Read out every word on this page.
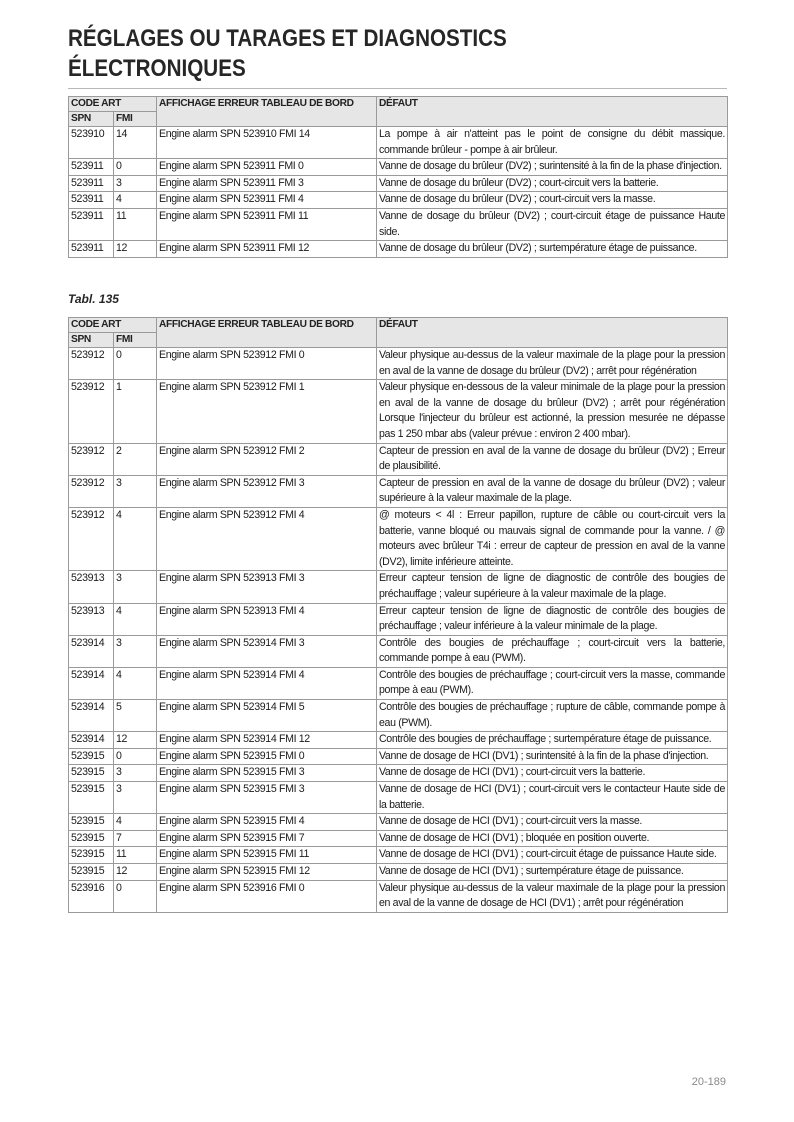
RÉGLAGES OU TARAGES ET DIAGNOSTICS ÉLECTRONIQUES
CODE ART		AFFICHAGE ERREUR TABLEAU DE BORD	DÉFAUT
SPN	FMI		
523910	14	Engine alarm SPN 523910 FMI 14	La pompe à air n'atteint pas le point de consigne du débit massique. commande brûleur - pompe à air brûleur.
523911	0	Engine alarm SPN 523911 FMI 0	Vanne de dosage du brûleur (DV2) ; surintensité à la fin de la phase d'injection.
523911	3	Engine alarm SPN 523911 FMI 3	Vanne de dosage du brûleur (DV2) ; court-circuit vers la batterie.
523911	4	Engine alarm SPN 523911 FMI 4	Vanne de dosage du brûleur (DV2) ; court-circuit vers la masse.
523911	11	Engine alarm SPN 523911 FMI 11	Vanne de dosage du brûleur (DV2) ; court-circuit étage de puissance Haute side.
523911	12	Engine alarm SPN 523911 FMI 12	Vanne de dosage du brûleur (DV2) ; surtempérature étage de puissance.
Tabl. 135
CODE ART		AFFICHAGE ERREUR TABLEAU DE BORD	DÉFAUT
SPN	FMI		
523912	0	Engine alarm SPN 523912 FMI 0	Valeur physique au-dessus de la valeur maximale de la plage pour la pression en aval de la vanne de dosage du brûleur (DV2) ; arrêt pour régénération
523912	1	Engine alarm SPN 523912 FMI 1	Valeur physique en-dessous de la valeur minimale de la plage pour la pression en aval de la vanne de dosage du brûleur (DV2) ; arrêt pour régénération Lorsque l'injecteur du brûleur est actionné, la pression mesurée ne dépasse pas 1 250 mbar abs (valeur prévue : environ 2 400 mbar).
523912	2	Engine alarm SPN 523912 FMI 2	Capteur de pression en aval de la vanne de dosage du brûleur (DV2) ; Erreur de plausibilité.
523912	3	Engine alarm SPN 523912 FMI 3	Capteur de pression en aval de la vanne de dosage du brûleur (DV2) ; valeur supérieure à la valeur maximale de la plage.
523912	4	Engine alarm SPN 523912 FMI 4	@ moteurs < 4l : Erreur papillon, rupture de câble ou court-circuit vers la batterie, vanne bloqué ou mauvais signal de commande pour la vanne. / @ moteurs avec brûleur T4i : erreur de capteur de pression en aval de la vanne (DV2), limite inférieure atteinte.
523913	3	Engine alarm SPN 523913 FMI 3	Erreur capteur tension de ligne de diagnostic de contrôle des bougies de préchauffage ; valeur supérieure à la valeur maximale de la plage.
523913	4	Engine alarm SPN 523913 FMI 4	Erreur capteur tension de ligne de diagnostic de contrôle des bougies de préchauffage ; valeur inférieure à la valeur minimale de la plage.
523914	3	Engine alarm SPN 523914 FMI 3	Contrôle des bougies de préchauffage ; court-circuit vers la batterie, commande pompe à eau (PWM).
523914	4	Engine alarm SPN 523914 FMI 4	Contrôle des bougies de préchauffage ; court-circuit vers la masse, commande pompe à eau (PWM).
523914	5	Engine alarm SPN 523914 FMI 5	Contrôle des bougies de préchauffage ; rupture de câble, commande pompe à eau (PWM).
523914	12	Engine alarm SPN 523914 FMI 12	Contrôle des bougies de préchauffage ; surtempérature étage de puissance.
523915	0	Engine alarm SPN 523915 FMI 0	Vanne de dosage de HCI (DV1) ; surintensité à la fin de la phase d'injection.
523915	3	Engine alarm SPN 523915 FMI 3	Vanne de dosage de HCI (DV1) ; court-circuit vers la batterie.
523915	3	Engine alarm SPN 523915 FMI 3	Vanne de dosage de HCI (DV1) ; court-circuit vers le contacteur Haute side de la batterie.
523915	4	Engine alarm SPN 523915 FMI 4	Vanne de dosage de HCI (DV1) ; court-circuit vers la masse.
523915	7	Engine alarm SPN 523915 FMI 7	Vanne de dosage de HCI (DV1) ; bloquée en position ouverte.
523915	11	Engine alarm SPN 523915 FMI 11	Vanne de dosage de HCI (DV1) ; court-circuit étage de puissance Haute side.
523915	12	Engine alarm SPN 523915 FMI 12	Vanne de dosage de HCI (DV1) ; surtempérature étage de puissance.
523916	0	Engine alarm SPN 523916 FMI 0	Valeur physique au-dessus de la valeur maximale de la plage pour la pression en aval de la vanne de dosage de HCI (DV1) ; arrêt pour régénération
20-189
